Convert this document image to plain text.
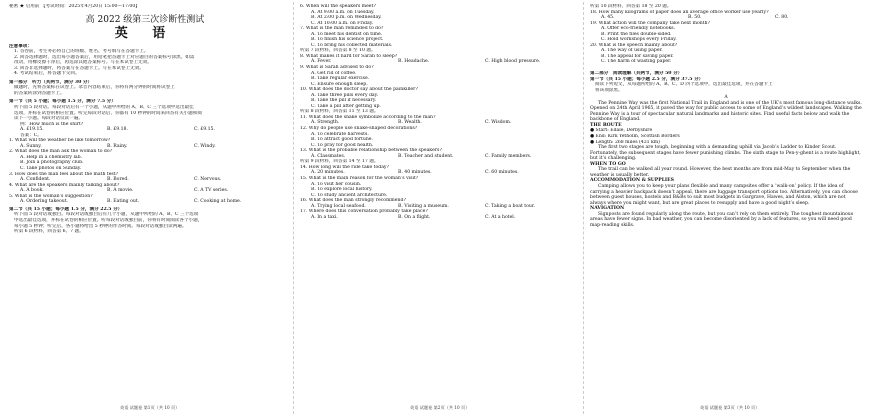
秘密 ★ 启用前 【考试时间：2025年4月20日 15:00—17:00】
高 2022 级第三次诊断性测试
英 语
注意事项：
1. 答卷前，考生务必将自己的班级、姓名、考号填写在答题卡上。
2. 回答选择题时，选出每小题答案后，用铅笔把答题卡上对应题目的答案标号涂黑。如需
改动，用橡皮擦干净后，再选涂其他答案标号。写在本试卷上无效。
3. 回答非选择题时，将答案写在答题卡上。写在本试卷上无效。
4. 考试结束后，将答题卡交回。
第一部分　听力（共两节，满分 30 分）
做题时，先将答案标在试卷上。录音内容结束后，你将有两分钟的时间将试卷上
的答案转涂到答题卡上。
第一节（共 5 小题；每小题 1.5 分，满分 7.5 分）
听下面 5 段对话。每段对话后有一个小题，从题中所给的 A、B、C 三个选项中选出最佳
选项，并标在试卷的相应位置。听完每段对话后，你都有 10 秒钟的时间来回答有关小题和阅
读下一小题。每段对话仅读一遍。
例：How much is the shirt?
A. £19.15.	B. £9.18.	C. £9.15.
答案：C。
1. What will the weather be like tomorrow?
A. Sunny.	B. Rainy.	C. Windy.
2. What does the man ask the woman to do?
A. Help in a chemistry lab.
B. Join a photography club.
C. Take photos on Sunday.
3. How does the man feel about the math test?
A. Confident.	B. Bored.	C. Nervous.
4. What are the speakers mainly talking about?
A. A book.	B. A movie.	C. A TV series.
5. What is the woman’s suggestion?
A. Ordering takeout.	B. Eating out.	C. Cooking at home.
第二节（共 15 小题；每小题 1.5 分，满分 22.5 分）
听下面 5 段对话或独白。每段对话或独白后有几个小题，从题中所给的 A、B、C 三个选项
中选出最佳选项，并标在试卷的相应位置。听每段对话或独白前，你将有时间阅读各个小题，
每小题 5 秒钟；听完后，各小题将给出 5 秒钟的作答时间。每段对话或独白读两遍。
听第 6 段材料，回答第 6、7 题。
6. When will the speakers meet?
A. At 9:00 a.m. on Tuesday.
B. At 2:00 p.m. on Wednesday.
C. At 10:00 a.m. on Friday.
7. What is the man reminded to do?
A. To meet his dentist on time.
B. To finish his science project.
C. To bring his collected materials.
听第 7 段材料，回答第 8 至 10 题。
8. What makes it hard for Sarah to sleep?
A. Fever.	B. Headache.	C. High blood pressure.
9. What is Sarah advised to do?
A. Get rid of coffee.
B. Take regular exercise.
C. Ensure enough sleep.
10. What does the doctor say about the painkiller?
A. Take three pills every day.
B. Take the pill if necessary.
C. Take a pill after getting up.
听第 8 段材料，回答第 11 至 13 题。
11. What does the snake symbolize according to the man?
A. Strength.	B. Wealth.	C. Wisdom.
12. Why do people use snake-shaped decorations?
A. To celebrate harvests.
B. To attract good fortune.
C. To pray for good health.
13. What is the probable relationship between the speakers?
A. Classmates.	B. Teacher and student.	C. Family members.
听第 9 段材料，回答第 14 至 17 题。
14. How long will the ride take today?
A. 20 minutes.	B. 40 minutes.	C. 60 minutes.
15. What is the main reason for the woman’s visit?
A. To visit her cousin.
B. To explore local history.
C. To study ancient architecture.
16. What does the man strongly recommend?
A. Trying local seafood.	B. Visiting a museum.	C. Taking a boat tour.
17. Where does this conversation probably take place?
A. In a taxi.	B. On a flight.	C. At a hotel.
听第 10 段材料，回答第 18 至 20 题。
18. How many kilograms of paper does an average office worker use yearly?
A. 45.	B. 50.	C. 80.
19. What action will the company take next month?
A. Offer eco-friendly notebooks.
B. Print the files double-sided.
C. Hold workshops every Friday.
20. What is the speech mainly about?
A. The way of using paper.
B. The appeal for saving paper.
C. The harm of wasting paper.
第二部分　阅读理解（共两节，满分 50 分）
第一节（共 15 小题；每小题 2.5 分，满分 37.5 分）
阅读下列短文，从每题所给的 A、B、C、D 四个选项中，选出最佳选项，并在答题卡上
将该项涂黑。
A
The Pennine Way was the first National Trail in England and is one of the UK’s most famous long-distance walks. Opened on 24th April 1965, it paved the way for public access to some of England’s wildest landscapes. Walking the Pennine Way is a tour of spectacular natural landmarks and historic sites. Find useful facts below and walk the backbone of England.
THE ROUTE
● Start: Edale, Derbyshire
● End: Kirk Yetholm, Scottish Borders
● Length: 268 miles (431 km)
The first two stages are tough, beginning with a demanding uphill via Jacob’s Ladder to Kinder Scout. Fortunately, the subsequent stages have fewer punishing climbs. The sixth stage to Pen-y-ghent is a route highlight, but it’s challenging.
WHEN TO GO
The trail can be walked all year round. However, the best months are from mid-May to September when the weather is usually better.
ACCOMMODATION & SUPPLIES
Camping allows you to keep your plans flexible and many campsites offer a ‘walk-on’ policy. If the idea of carrying a heavier backpack doesn’t appeal, there are luggage transport options too. Alternatively, you can choose between guest houses, hostels and B&Bs to suit most budgets in Gargrave, Hawes, and Alston, which are not always where you might want, but are great places to resupply and have a good night’s sleep.
NAVIGATION
Signposts are found regularly along the route, but you can’t rely on them entirely. The toughest mountainous areas have fewer signs. In bad weather, you can become disoriented by a lack of features, so you will need good map-reading skills.
英语 试题卷 第1页（共 10 页）	英语 试题卷 第2页（共 10 页）	英语 试题卷 第3页（共 10 页）
